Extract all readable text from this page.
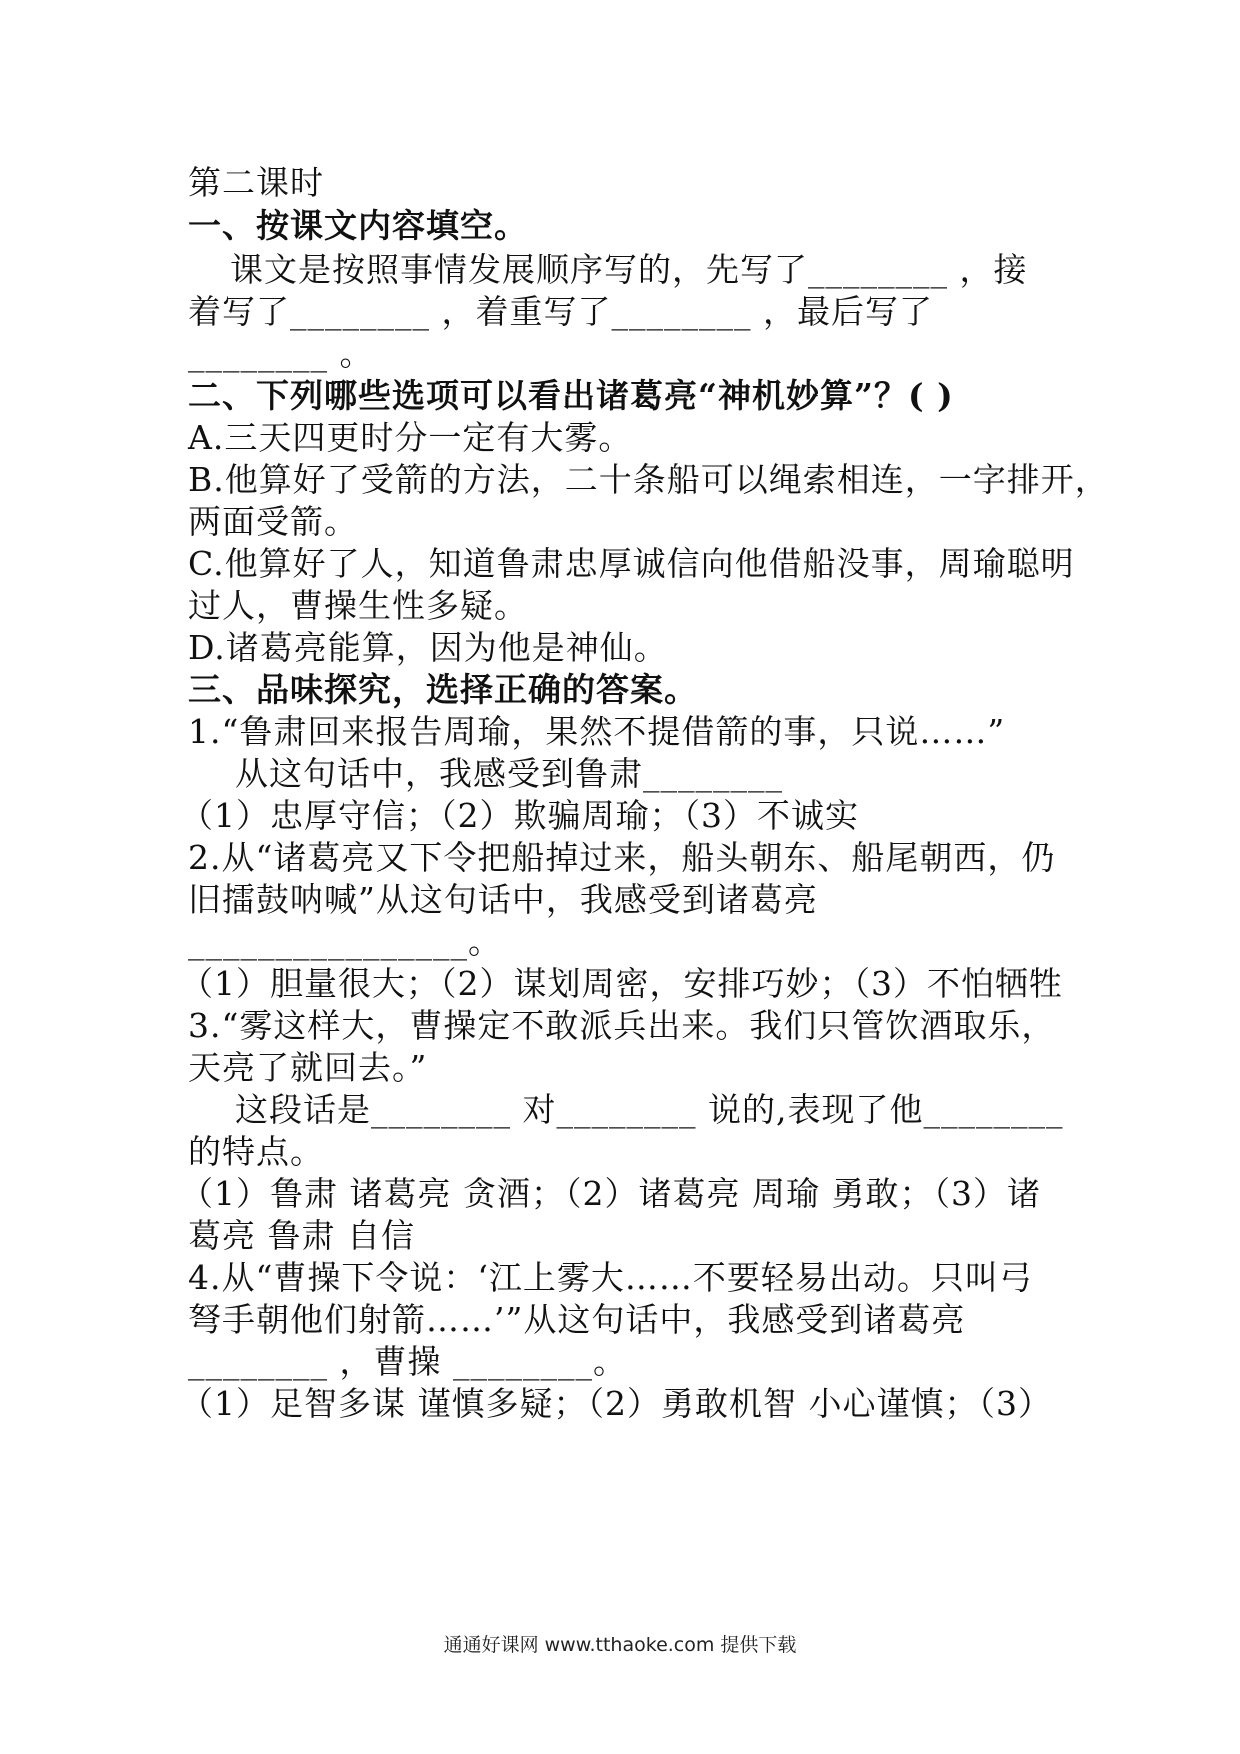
第二课时
一、按课文内容填空。
课文是按照事情发展顺序写的，先写了________ ，接
着写了________ ，着重写了________ ，最后写了
________ 。
二、下列哪些选项可以看出诸葛亮“神机妙算”？( )
A.三天四更时分一定有大雾。
B.他算好了受箭的方法，二十条船可以绳索相连，一字排开，
两面受箭。
C.他算好了人，知道鲁肃忠厚诚信向他借船没事，周瑜聪明
过人，曹操生性多疑。
D.诸葛亮能算，因为他是神仙。
三、品味探究，选择正确的答案。
1.“鲁肃回来报告周瑜，果然不提借箭的事，只说……”
从这句话中，我感受到鲁肃________
（1）忠厚守信；（2）欺骗周瑜；（3）不诚实
2.从“诸葛亮又下令把船掉过来，船头朝东、船尾朝西，仍
旧擂鼓呐喊”从这句话中，我感受到诸葛亮
________________。
（1）胆量很大；（2）谋划周密，安排巧妙；（3）不怕牺牲
3.“雾这样大，曹操定不敢派兵出来。我们只管饮酒取乐，
天亮了就回去。”
这段话是________ 对________ 说的,表现了他________
的特点。
（1）鲁肃 诸葛亮 贪酒；（2）诸葛亮 周瑜 勇敢；（3）诸
葛亮 鲁肃 自信
4.从“曹操下令说：‘江上雾大……不要轻易出动。只叫弓
弩手朝他们射箭……’”从这句话中，我感受到诸葛亮
________ ，曹操 ________。
（1）足智多谋 谨慎多疑；（2）勇敢机智 小心谨慎；（3）
通通好课网 www.tthaoke.com 提供下载
